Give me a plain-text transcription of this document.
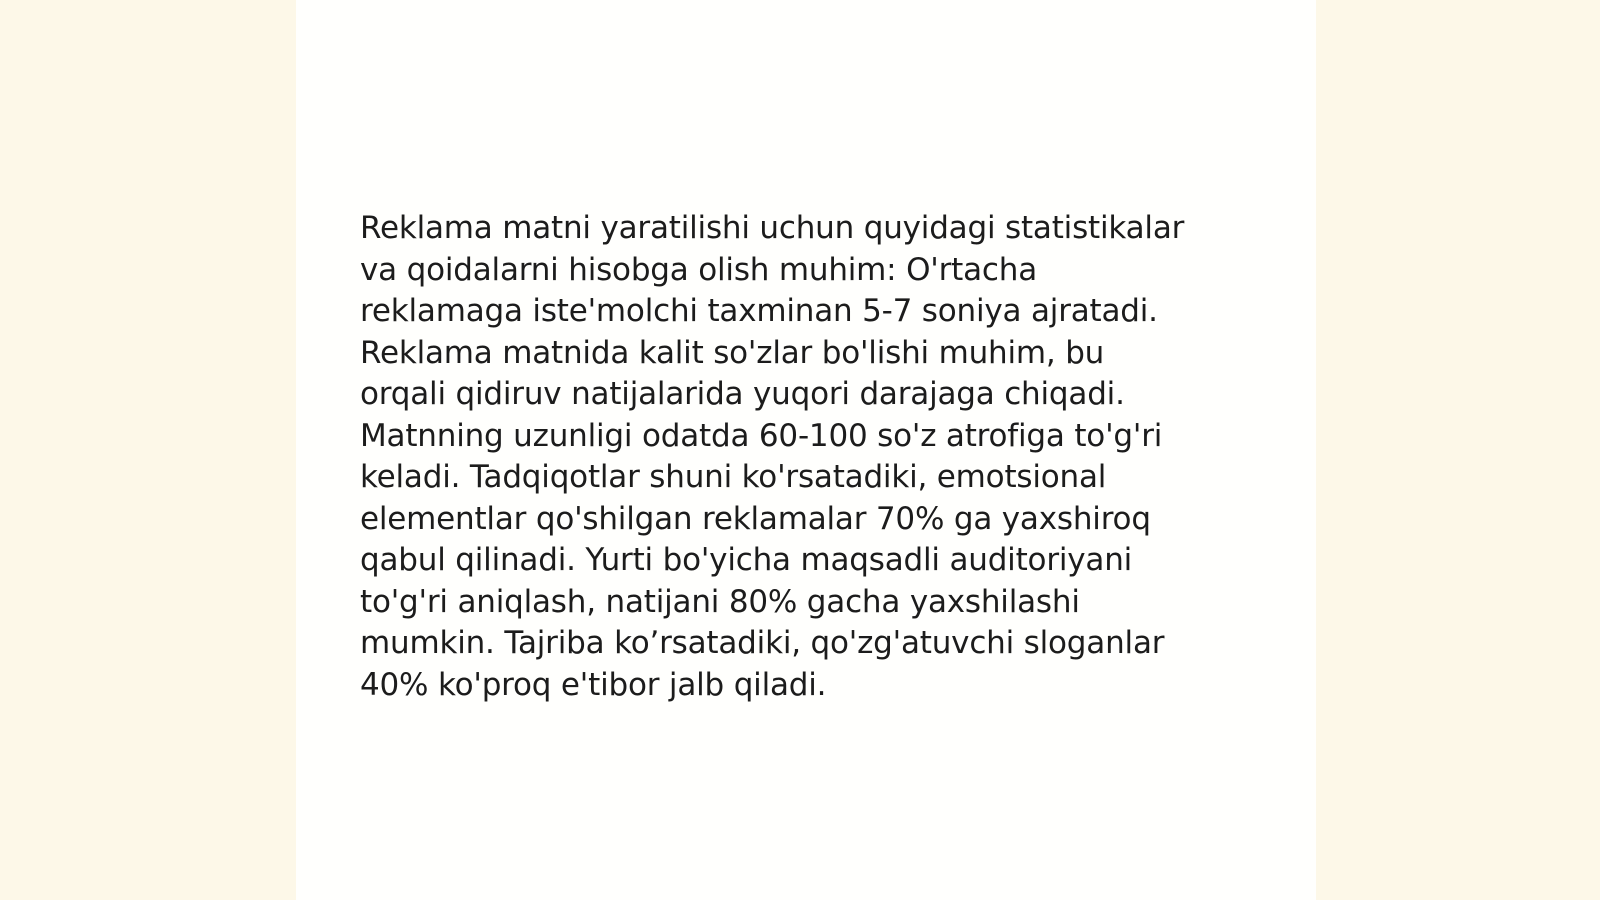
Reklama matni yaratilishi uchun quyidagi statistikalar
va qoidalarni hisobga olish muhim: O'rtacha
reklamaga iste'molchi taxminan 5-7 soniya ajratadi.
Reklama matnida kalit so'zlar bo'lishi muhim, bu
orqali qidiruv natijalarida yuqori darajaga chiqadi.
Matnning uzunligi odatda 60-100 so'z atrofiga to'g'ri
keladi. Tadqiqotlar shuni ko'rsatadiki, emotsional
elementlar qo'shilgan reklamalar 70% ga yaxshiroq
qabul qilinadi. Yurti bo'yicha maqsadli auditoriyani
to'g'ri aniqlash, natijani 80% gacha yaxshilashi
mumkin. Tajriba ko’rsatadiki, qo'zg'atuvchi sloganlar
40% ko'proq e'tibor jalb qiladi.
